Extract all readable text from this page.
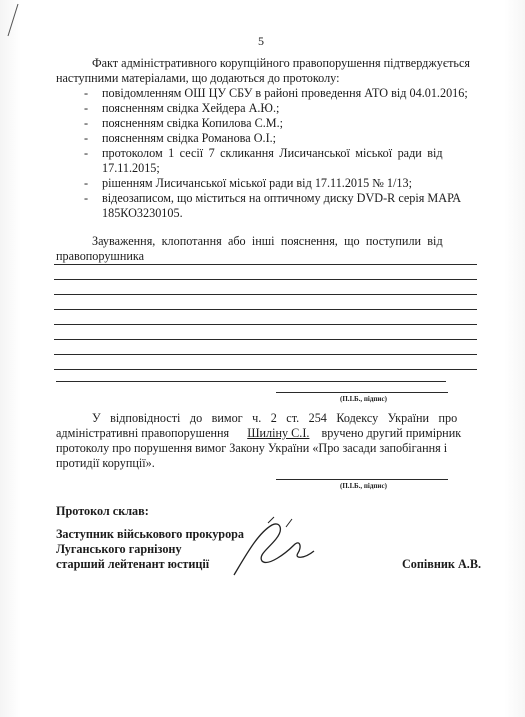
5
Факт адміністративного корупційного правопорушення підтверджується
наступними матеріалами, що додаються до протоколу:
- повідомленням ОШ ЦУ СБУ в районі проведення АТО від 04.01.2016;
- поясненням свідка Хейдера А.Ю.;
- поясненням свідка Копилова С.М.;
- поясненням свідка Романова О.І.;
- протоколом 1 сесії 7 скликання Лисичанської міської ради від
17.11.2015;
- рішенням Лисичанської міської ради від 17.11.2015 № 1/13;
- відеозаписом, що міститься на оптичному диску DVD-R серія МАРА
185КО3230105.
Зауваження, клопотання або інші пояснення, що поступили від
правопорушника
(П.І.Б., підпис)
У відповідності до вимог ч. 2 ст. 254 Кодексу України про
адміністративні правопорушення Шиліну С.І. вручено другий примірник
протоколу про порушення вимог Закону України «Про засади запобігання і
протидії корупції».
(П.І.Б., підпис)
Протокол склав:
Заступник військового прокурора
Луганського гарнізону
старший лейтенант юстиції	Сопівник А.В.
